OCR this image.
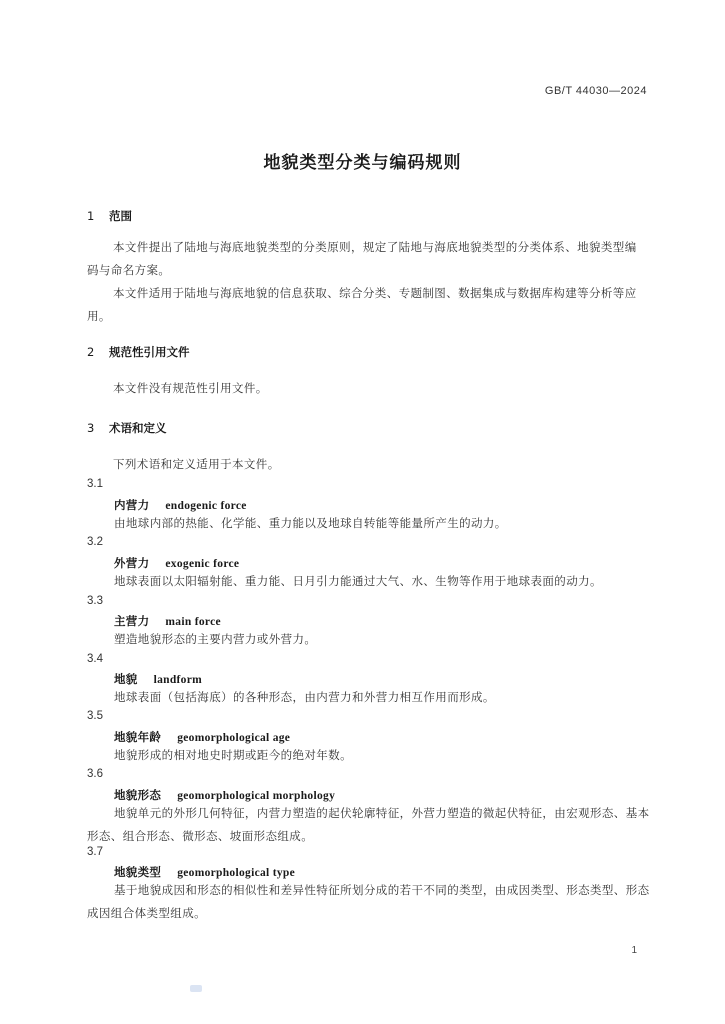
GB/T 44030—2024
地貌类型分类与编码规则
1 范围
本文件提出了陆地与海底地貌类型的分类原则，规定了陆地与海底地貌类型的分类体系、地貌类型编码与命名方案。
本文件适用于陆地与海底地貌的信息获取、综合分类、专题制图、数据集成与数据库构建等分析等应用。
2 规范性引用文件
本文件没有规范性引用文件。
3 术语和定义
下列术语和定义适用于本文件。
3.1
内营力 endogenic force
由地球内部的热能、化学能、重力能以及地球自转能等能量所产生的动力。
3.2
外营力 exogenic force
地球表面以太阳辐射能、重力能、日月引力能通过大气、水、生物等作用于地球表面的动力。
3.3
主营力 main force
塑造地貌形态的主要内营力或外营力。
3.4
地貌 landform
地球表面（包括海底）的各种形态，由内营力和外营力相互作用而形成。
3.5
地貌年龄 geomorphological age
地貌形成的相对地史时期或距今的绝对年数。
3.6
地貌形态 geomorphological morphology
地貌单元的外形几何特征，内营力塑造的起伏轮廓特征，外营力塑造的微起伏特征，由宏观形态、基本形态、组合形态、微形态、坡面形态组成。
3.7
地貌类型 geomorphological type
基于地貌成因和形态的相似性和差异性特征所划分成的若干不同的类型，由成因类型、形态类型、形态成因组合体类型组成。
1
